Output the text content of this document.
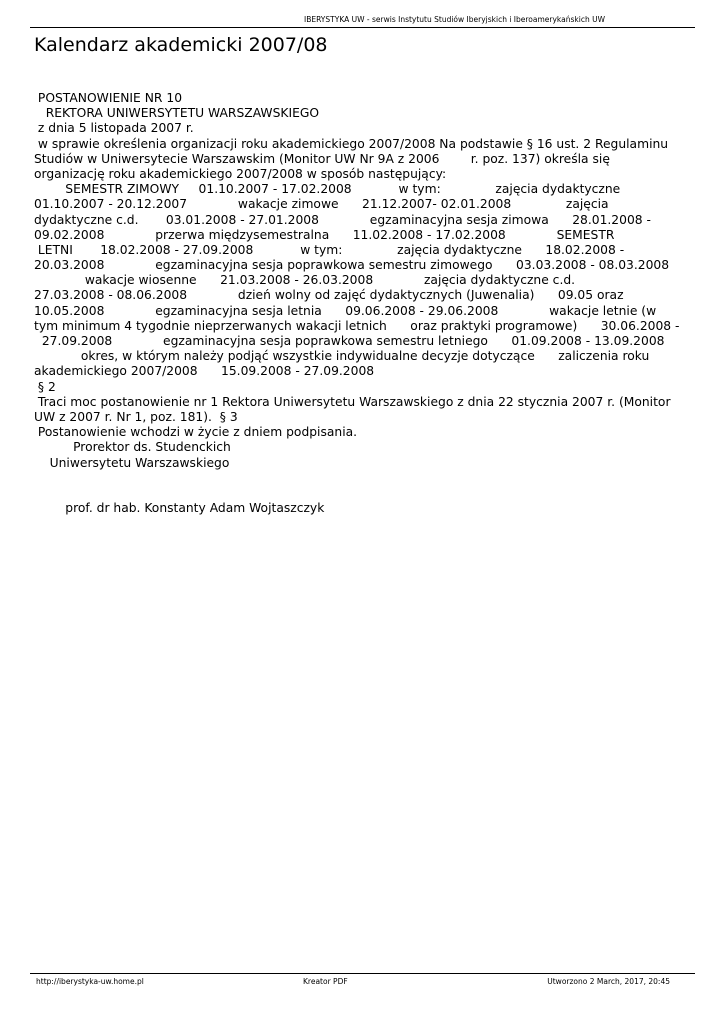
IBERYSTYKA UW - serwis Instytutu Studiów Iberyjskich i Iberoamerykańskich UW
Kalendarz akademicki 2007/08
POSTANOWIENIE NR 10
REKTORA UNIWERSYTETU WARSZAWSKIEGO
z dnia 5 listopada 2007 r.
w sprawie określenia organizacji roku akademickiego 2007/2008 Na podstawie § 16 ust. 2 Regulaminu
Studiów w Uniwersytecie Warszawskim (Monitor UW Nr 9A z 2006        r. poz. 137) określa się
organizację roku akademickiego 2007/2008 w sposób następujący:
SEMESTR ZIMOWY     01.10.2007 - 17.02.2008            w tym:              zajęcia dydaktyczne
01.10.2007 - 20.12.2007             wakacje zimowe      21.12.2007- 02.01.2008              zajęcia
dydaktyczne c.d.       03.01.2008 - 27.01.2008             egzaminacyjna sesja zimowa      28.01.2008 -
09.02.2008             przerwa międzysemestralna      11.02.2008 - 17.02.2008             SEMESTR
LETNI       18.02.2008 - 27.09.2008            w tym:              zajęcia dydaktyczne      18.02.2008 -
20.03.2008             egzaminacyjna sesja poprawkowa semestru zimowego      03.03.2008 - 08.03.2008
wakacje wiosenne      21.03.2008 - 26.03.2008             zajęcia dydaktyczne c.d.
27.03.2008 - 08.06.2008             dzień wolny od zajęć dydaktycznych (Juwenalia)      09.05 oraz
10.05.2008             egzaminacyjna sesja letnia      09.06.2008 - 29.06.2008             wakacje letnie (w
tym minimum 4 tygodnie nieprzerwanych wakacji letnich      oraz praktyki programowe)      30.06.2008 -
27.09.2008             egzaminacyjna sesja poprawkowa semestru letniego      01.09.2008 - 13.09.2008
okres, w którym należy podjąć wszystkie indywidualne decyzje dotyczące      zaliczenia roku
akademickiego 2007/2008      15.09.2008 - 27.09.2008
§ 2
Traci moc postanowienie nr 1 Rektora Uniwersytetu Warszawskiego z dnia 22 stycznia 2007 r. (Monitor
UW z 2007 r. Nr 1, poz. 181).  § 3
Postanowienie wchodzi w życie z dniem podpisania.
Prorektor ds. Studenckich
Uniwersytetu Warszawskiego
prof. dr hab. Konstanty Adam Wojtaszczyk
http://iberystyka-uw.home.pl	Kreator PDF	Utworzono 2 March, 2017, 20:45
